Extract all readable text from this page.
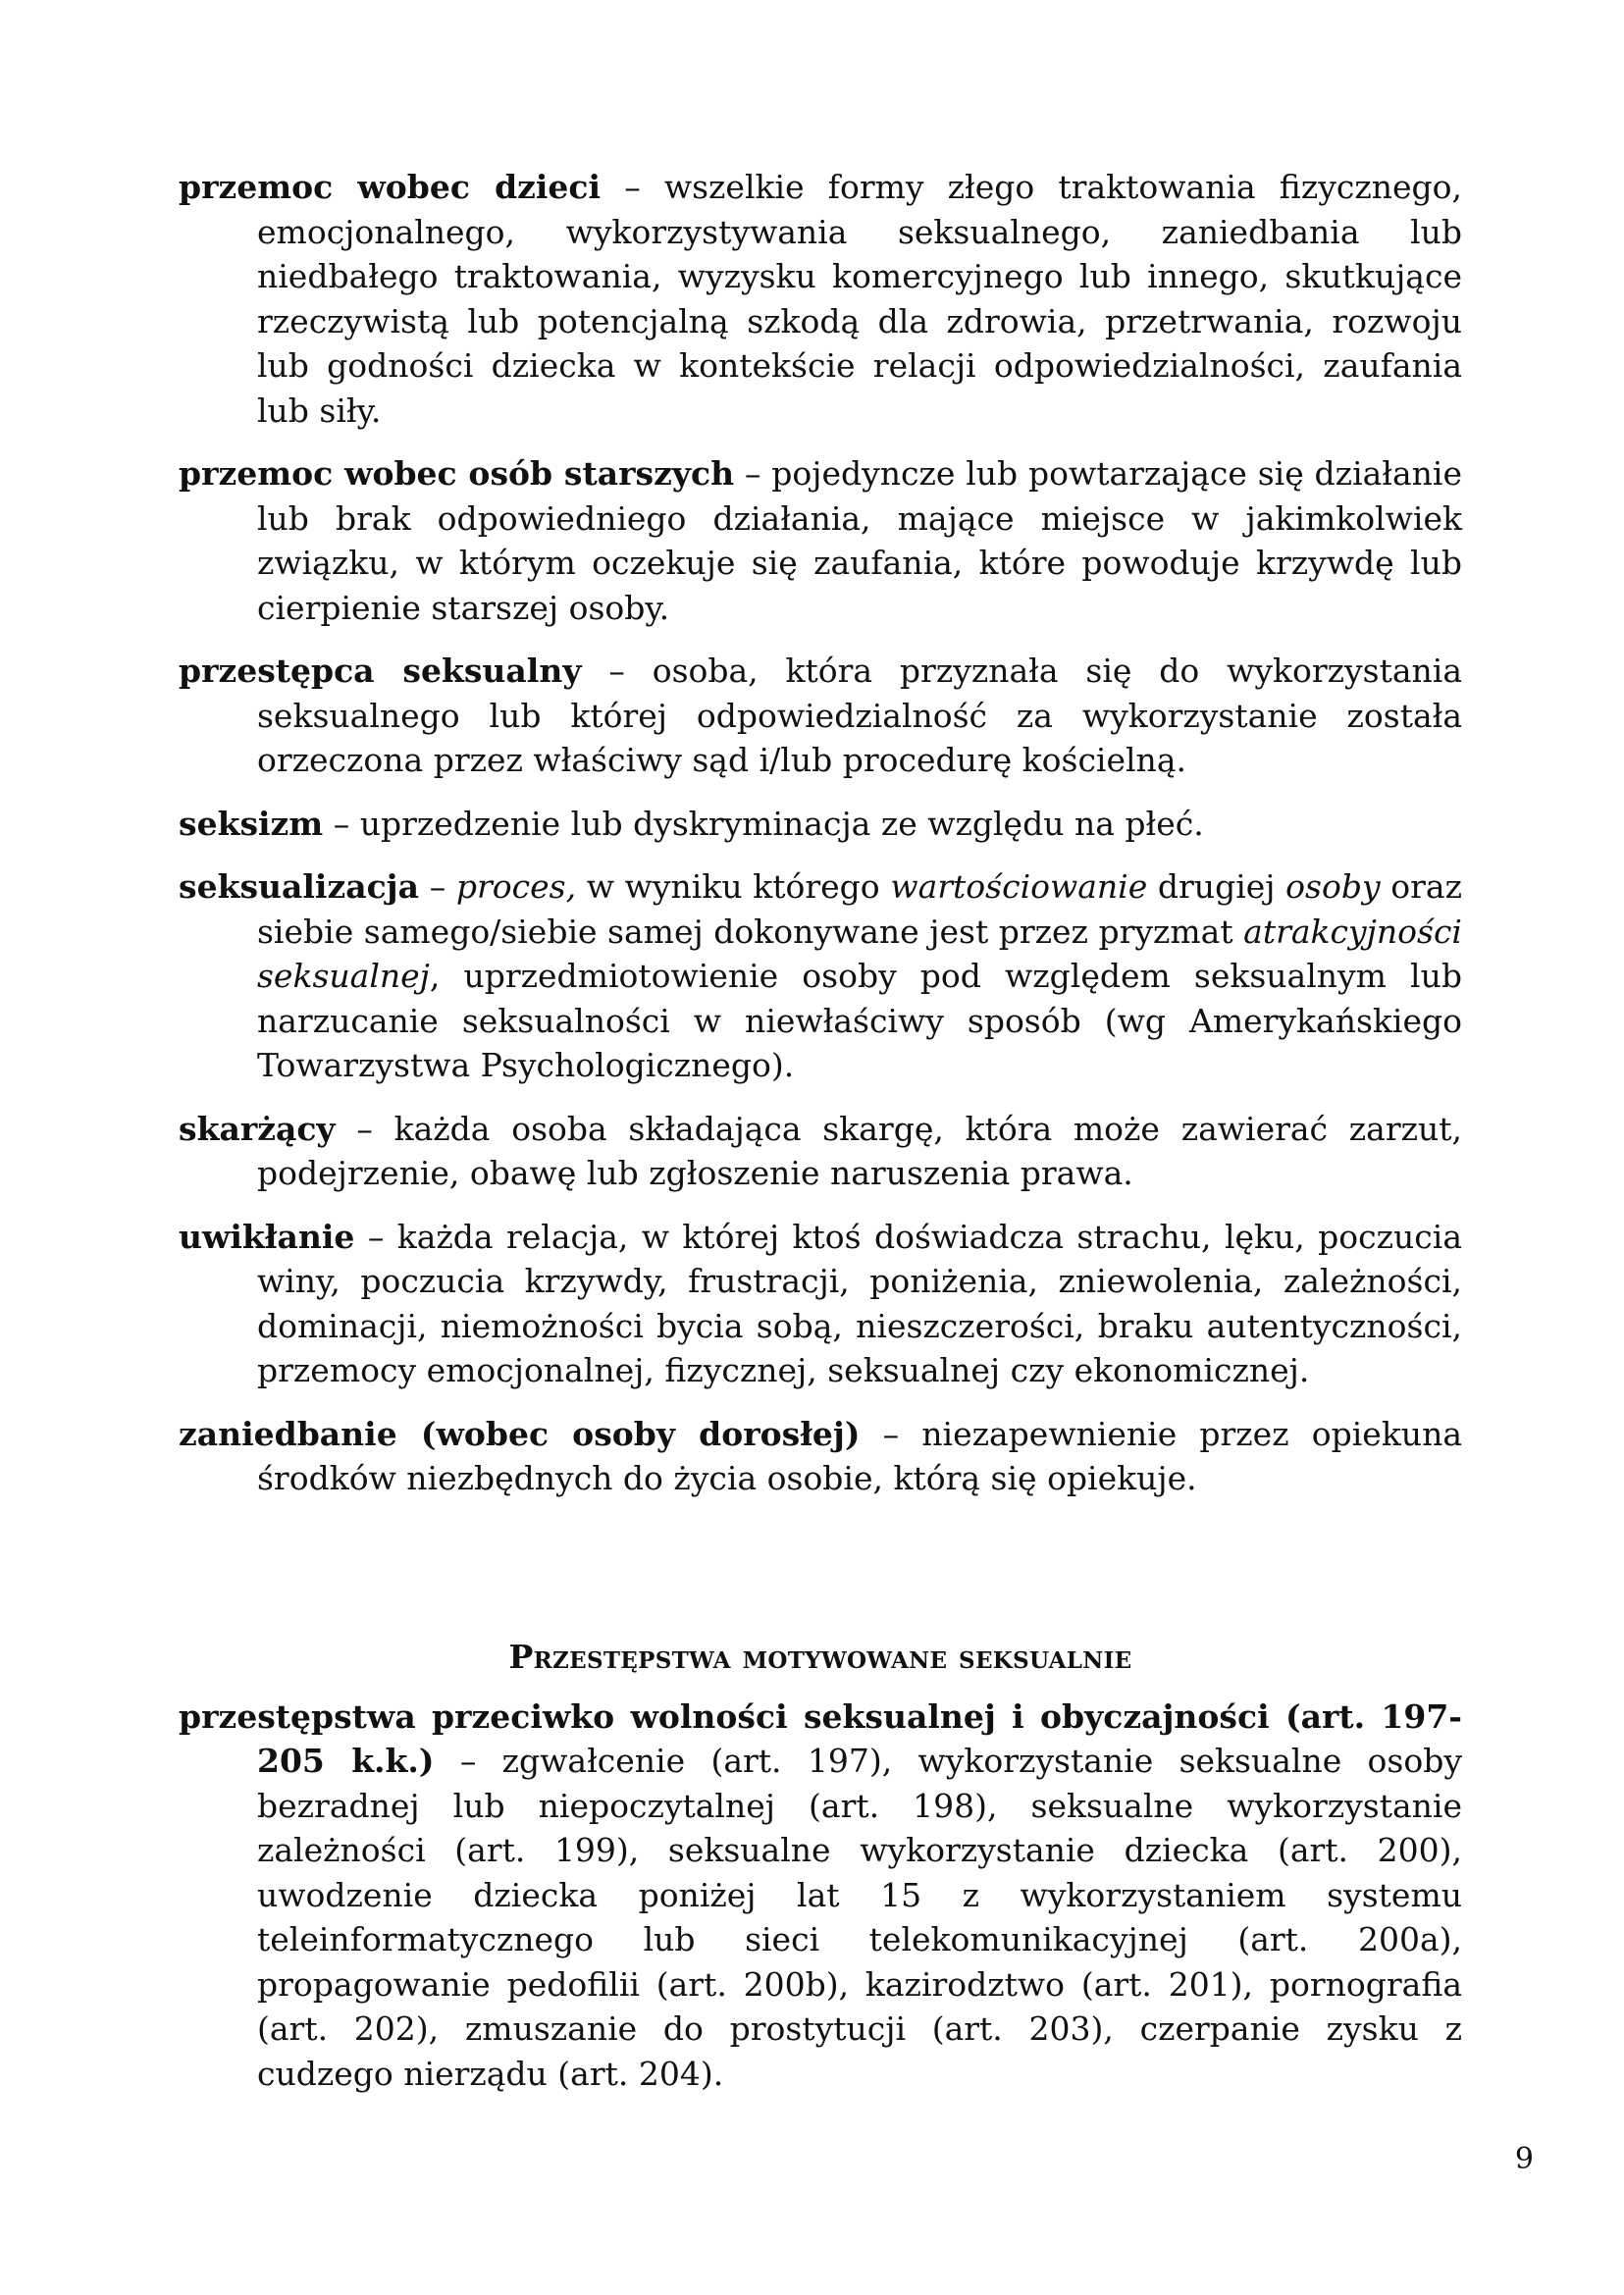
przemoc wobec dzieci – wszelkie formy złego traktowania fizycznego, emocjonalnego, wykorzystywania seksualnego, zaniedbania lub niedbałego traktowania, wyzysku komercyjnego lub innego, skutkujące rzeczywistą lub potencjalną szkodą dla zdrowia, przetrwania, rozwoju lub godności dziecka w kontekście relacji odpowiedzialności, zaufania lub siły.

przemoc wobec osób starszych – pojedyncze lub powtarzające się działanie lub brak odpowiedniego działania, mające miejsce w jakimkolwiek związku, w którym oczekuje się zaufania, które powoduje krzywdę lub cierpienie starszej osoby.

przestępca seksualny – osoba, która przyznała się do wykorzystania seksualnego lub której odpowiedzialność za wykorzystanie została orzeczona przez właściwy sąd i/lub procedurę kościelną.

seksizm – uprzedzenie lub dyskryminacja ze względu na płeć.

seksualizacja – proces, w wyniku którego wartościowanie drugiej osoby oraz siebie samego/siebie samej dokonywane jest przez pryzmat atrakcyjności seksualnej, uprzedmiotowienie osoby pod względem seksualnym lub narzucanie seksualności w niewłaściwy sposób (wg Amerykańskiego Towarzystwa Psychologicznego).

skarżący – każda osoba składająca skargę, która może zawierać zarzut, podejrzenie, obawę lub zgłoszenie naruszenia prawa.

uwikłanie – każda relacja, w której ktoś doświadcza strachu, lęku, poczucia winy, poczucia krzywdy, frustracji, poniżenia, zniewolenia, zależności, dominacji, niemożności bycia sobą, nieszczerości, braku autentyczności, przemocy emocjonalnej, fizycznej, seksualnej czy ekonomicznej.

zaniedbanie (wobec osoby dorosłej) – niezapewnienie przez opiekuna środków niezbędnych do życia osobie, którą się opiekuje.

Przestępstwa motywowane seksualnie

przestępstwa przeciwko wolności seksualnej i obyczajności (art. 197-205 k.k.) – zgwałcenie (art. 197), wykorzystanie seksualne osoby bezradnej lub niepoczytalnej (art. 198), seksualne wykorzystanie zależności (art. 199), seksualne wykorzystanie dziecka (art. 200), uwodzenie dziecka poniżej lat 15 z wykorzystaniem systemu teleinformatycznego lub sieci telekomunikacyjnej (art. 200a), propagowanie pedofilii (art. 200b), kazirodztwo (art. 201), pornografia (art. 202), zmuszanie do prostytucji (art. 203), czerpanie zysku z cudzego nierządu (art. 204).

9
